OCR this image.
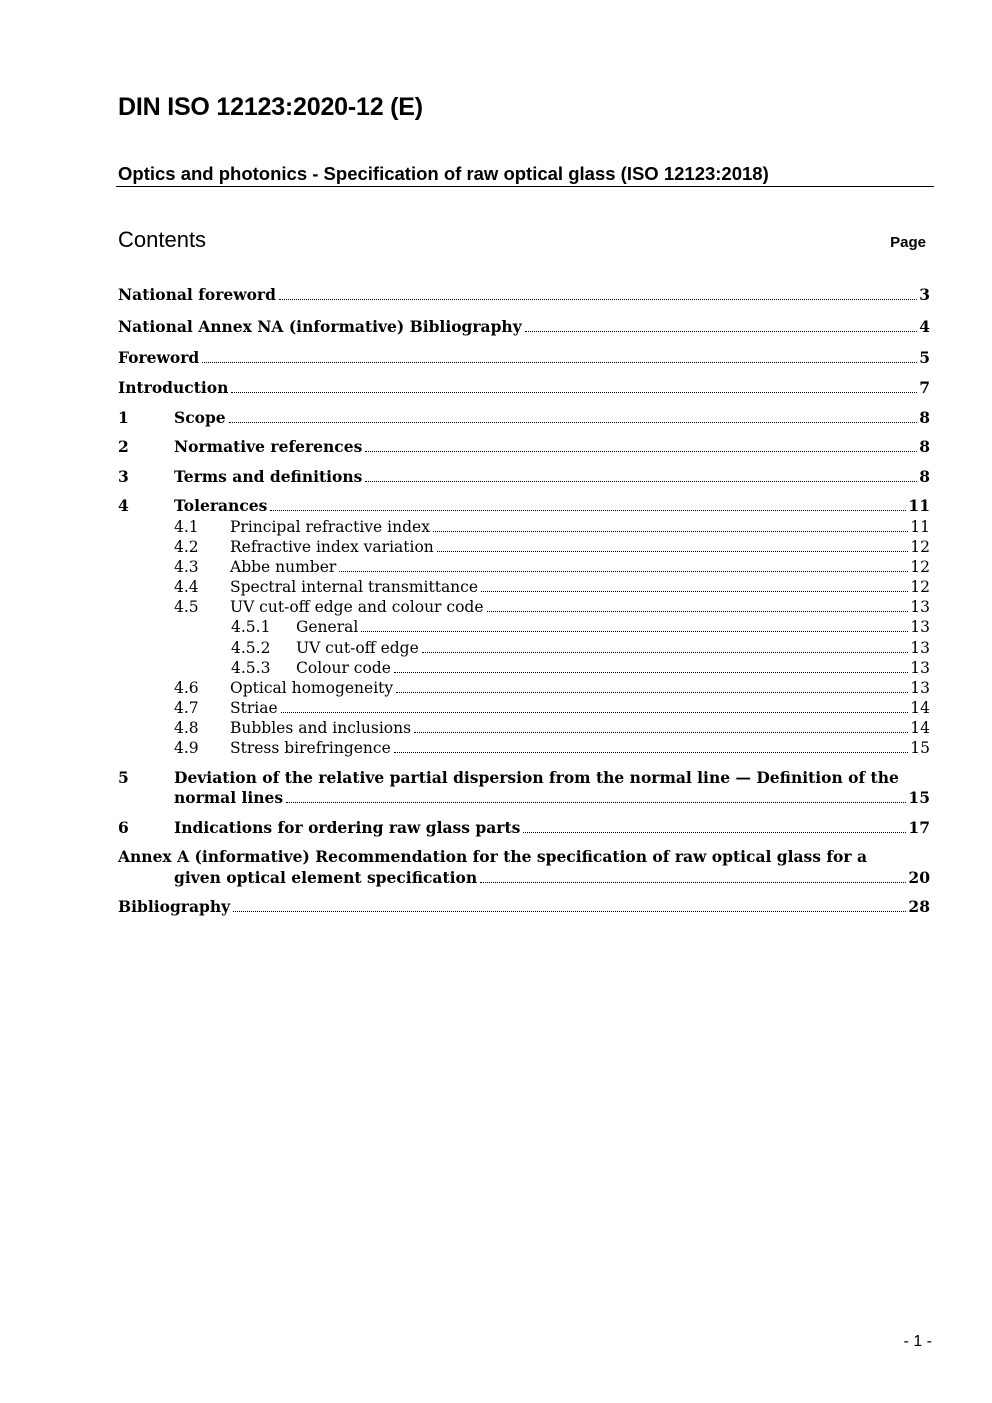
DIN ISO 12123:2020-12 (E)
Optics and photonics - Specification of raw optical glass (ISO 12123:2018)
Contents	Page
National foreword	3
National Annex NA (informative) Bibliography	4
Foreword	5
Introduction	7
1	Scope	8
2	Normative references	8
3	Terms and definitions	8
4	Tolerances	11
4.1	Principal refractive index	11
4.2	Refractive index variation	12
4.3	Abbe number	12
4.4	Spectral internal transmittance	12
4.5	UV cut-off edge and colour code	13
4.5.1	General	13
4.5.2	UV cut-off edge	13
4.5.3	Colour code	13
4.6	Optical homogeneity	13
4.7	Striae	14
4.8	Bubbles and inclusions	14
4.9	Stress birefringence	15
5	Deviation of the relative partial dispersion from the normal line — Definition of the
normal lines	15
6	Indications for ordering raw glass parts	17
Annex A (informative) Recommendation for the specification of raw optical glass for a
given optical element specification	20
Bibliography	28
- 1 -
